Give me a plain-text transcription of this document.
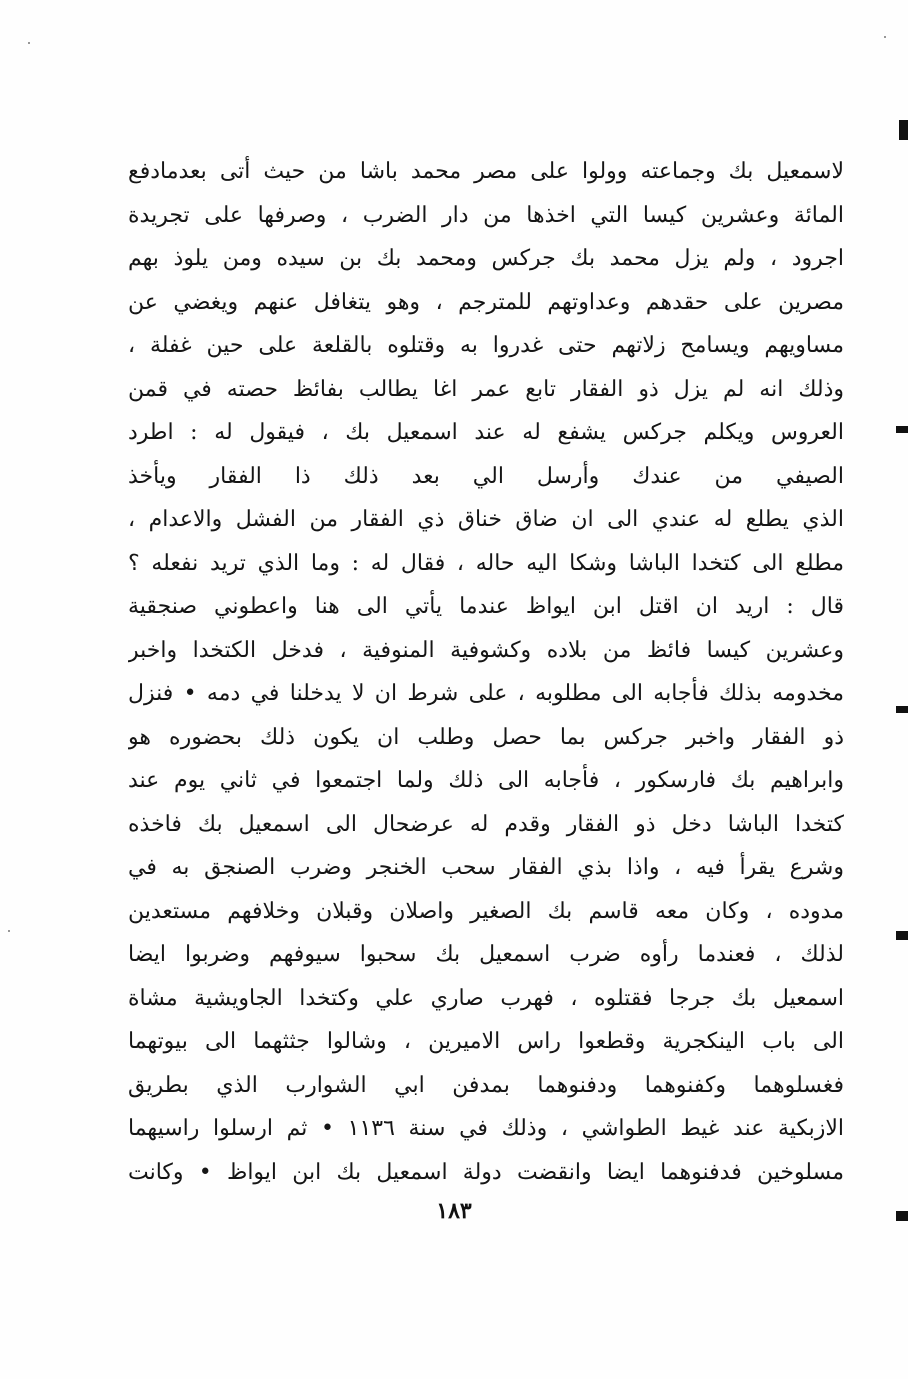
لاسمعيل بك وجماعته وولوا على مصر محمد باشا من حيث أتى بعدمادفع
المائة وعشرين كيسا التي اخذها من دار الضرب ، وصرفها على تجريدة
اجرود ، ولم يزل محمد بك جركس ومحمد بك بن سيده ومن يلوذ بهم
مصرين على حقدهم وعداوتهم للمترجم ، وهو يتغافل عنهم ويغضي عن
مساويهم ويسامح زلاتهم حتى غدروا به وقتلوه بالقلعة على حين غفلة ،
وذلك انه لم يزل ذو الفقار تابع عمر اغا يطالب بفائظ حصته في قمن
العروس ويكلم جركس يشفع له عند اسمعيل بك ، فيقول له : اطرد
الصيفي من عندك وأرسل الي بعد ذلك ذا الفقار ويأخذ
الذي يطلع له عندي الى ان ضاق خناق ذي الفقار من الفشل والاعدام ،
مطلع الى كتخدا الباشا وشكا اليه حاله ، فقال له : وما الذي تريد نفعله ؟
قال : اريد ان اقتل ابن ايواظ عندما يأتي الى هنا واعطوني صنجقية
وعشرين كيسا فائظ من بلاده وكشوفية المنوفية ، فدخل الكتخدا واخبر
مخدومه بذلك فأجابه الى مطلوبه ، على شرط ان لا يدخلنا في دمه • فنزل
ذو الفقار واخبر جركس بما حصل وطلب ان يكون ذلك بحضوره هو
وابراهيم بك فارسكور ، فأجابه الى ذلك ولما اجتمعوا في ثاني يوم عند
كتخدا الباشا دخل ذو الفقار وقدم له عرضحال الى اسمعيل بك فاخذه
وشرع يقرأ فيه ، واذا بذي الفقار سحب الخنجر وضرب الصنجق به في
مدوده ، وكان معه قاسم بك الصغير واصلان وقبلان وخلافهم مستعدين
لذلك ، فعندما رأوه ضرب اسمعيل بك سحبوا سيوفهم وضربوا ايضا
اسمعيل بك جرجا فقتلوه ، فهرب صاري علي وكتخدا الجاويشية مشاة
الى باب الينكجرية وقطعوا راس الاميرين ، وشالوا جثثهما الى بيوتهما
فغسلوهما وكفنوهما ودفنوهما بمدفن ابي الشوارب الذي بطريق
الازبكية عند غيط الطواشي ، وذلك في سنة ١١٣٦ • ثم ارسلوا راسيهما
مسلوخين فدفنوهما ايضا وانقضت دولة اسمعيل بك ابن ايواظ • وكانت
١٨٣
